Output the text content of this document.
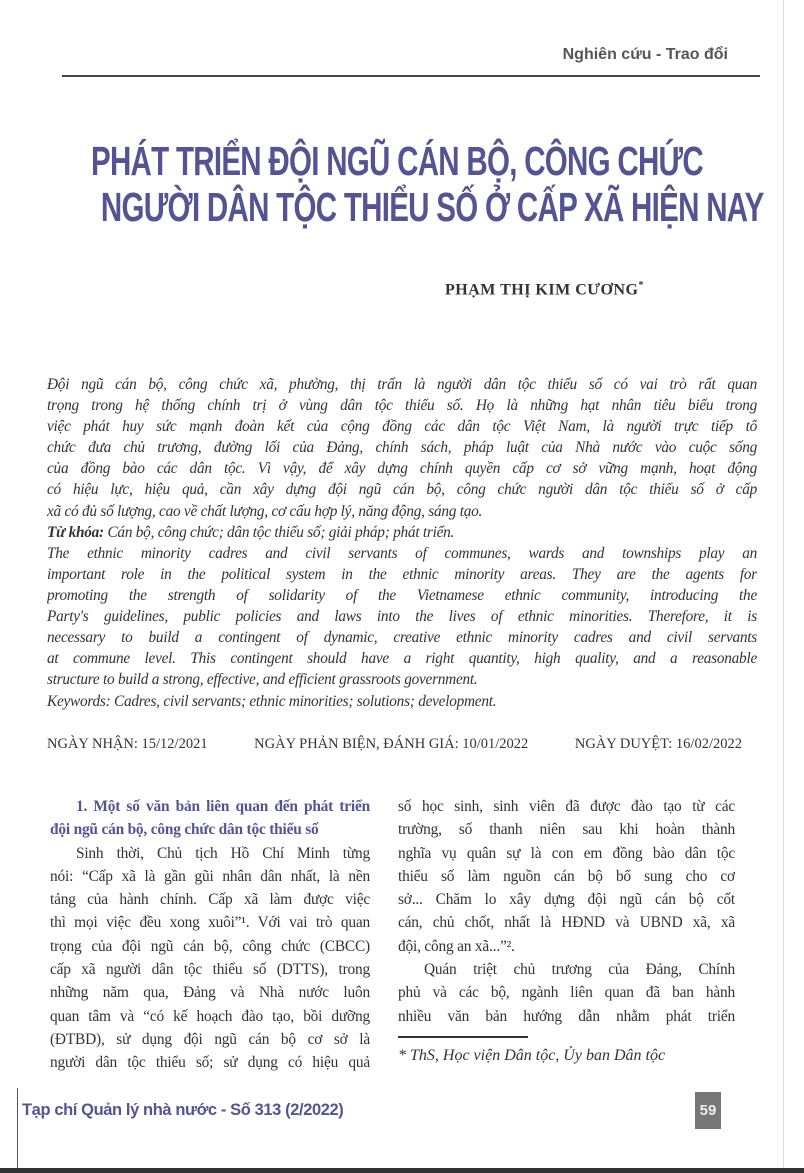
Nghiên cứu - Trao đổi
PHÁT TRIỂN ĐỘI NGŨ CÁN BỘ, CÔNG CHỨC
NGƯỜI DÂN TỘC THIỂU SỐ Ở CẤP XÃ HIỆN NAY
PHẠM THỊ KIM CƯƠNG*
Đội ngũ cán bộ, công chức xã, phường, thị trấn là người dân tộc thiểu số có vai trò rất quan
trọng trong hệ thống chính trị ở vùng dân tộc thiểu số. Họ là những hạt nhân tiêu biểu trong
việc phát huy sức mạnh đoàn kết của cộng đồng các dân tộc Việt Nam, là người trực tiếp tổ
chức đưa chủ trương, đường lối của Đảng, chính sách, pháp luật của Nhà nước vào cuộc sống
của đồng bào các dân tộc. Vì vậy, để xây dựng chính quyền cấp cơ sở vững mạnh, hoạt động
có hiệu lực, hiệu quả, cần xây dựng đội ngũ cán bộ, công chức người dân tộc thiểu số ở cấp
xã có đủ số lượng, cao về chất lượng, cơ cấu hợp lý, năng động, sáng tạo.
Từ khóa: Cán bộ, công chức; dân tộc thiểu số; giải pháp; phát triển.
The ethnic minority cadres and civil servants of communes, wards and townships play an
important role in the political system in the ethnic minority areas. They are the agents for
promoting the strength of solidarity of the Vietnamese ethnic community, introducing the
Party's guidelines, public policies and laws into the lives of ethnic minorities. Therefore, it is
necessary to build a contingent of dynamic, creative ethnic minority cadres and civil servants
at commune level. This contingent should have a right quantity, high quality, and a reasonable
structure to build a strong, effective, and efficient grassroots government.
Keywords: Cadres, civil servants; ethnic minorities; solutions; development.
NGÀY NHẬN: 15/12/2021	NGÀY PHẢN BIỆN, ĐÁNH GIÁ: 10/01/2022	NGÀY DUYỆT: 16/02/2022
1. Một số văn bản liên quan đến phát triển
đội ngũ cán bộ, công chức dân tộc thiểu số
Sinh thời, Chủ tịch Hồ Chí Minh từng
nói: “Cấp xã là gần gũi nhân dân nhất, là nền
tảng của hành chính. Cấp xã làm được việc
thì mọi việc đều xong xuôi”¹. Với vai trò quan
trọng của đội ngũ cán bộ, công chức (CBCC)
cấp xã người dân tộc thiểu số (DTTS), trong
những năm qua, Đảng và Nhà nước luôn
quan tâm và “có kế hoạch đào tạo, bồi dưỡng
(ĐTBD), sử dụng đội ngũ cán bộ cơ sở là
người dân tộc thiểu số; sử dụng có hiệu quả
số học sinh, sinh viên đã được đào tạo từ các
trường, số thanh niên sau khi hoàn thành
nghĩa vụ quân sự là con em đồng bào dân tộc
thiểu số làm nguồn cán bộ bổ sung cho cơ
sở... Chăm lo xây dựng đội ngũ cán bộ cốt
cán, chủ chốt, nhất là HĐND và UBND xã, xã
đội, công an xã...”².
Quán triệt chủ trương của Đảng, Chính
phủ và các bộ, ngành liên quan đã ban hành
nhiều văn bản hướng dẫn nhằm phát triển
* ThS, Học viện Dân tộc, Ủy ban Dân tộc
Tạp chí Quản lý nhà nước - Số 313 (2/2022)	59
